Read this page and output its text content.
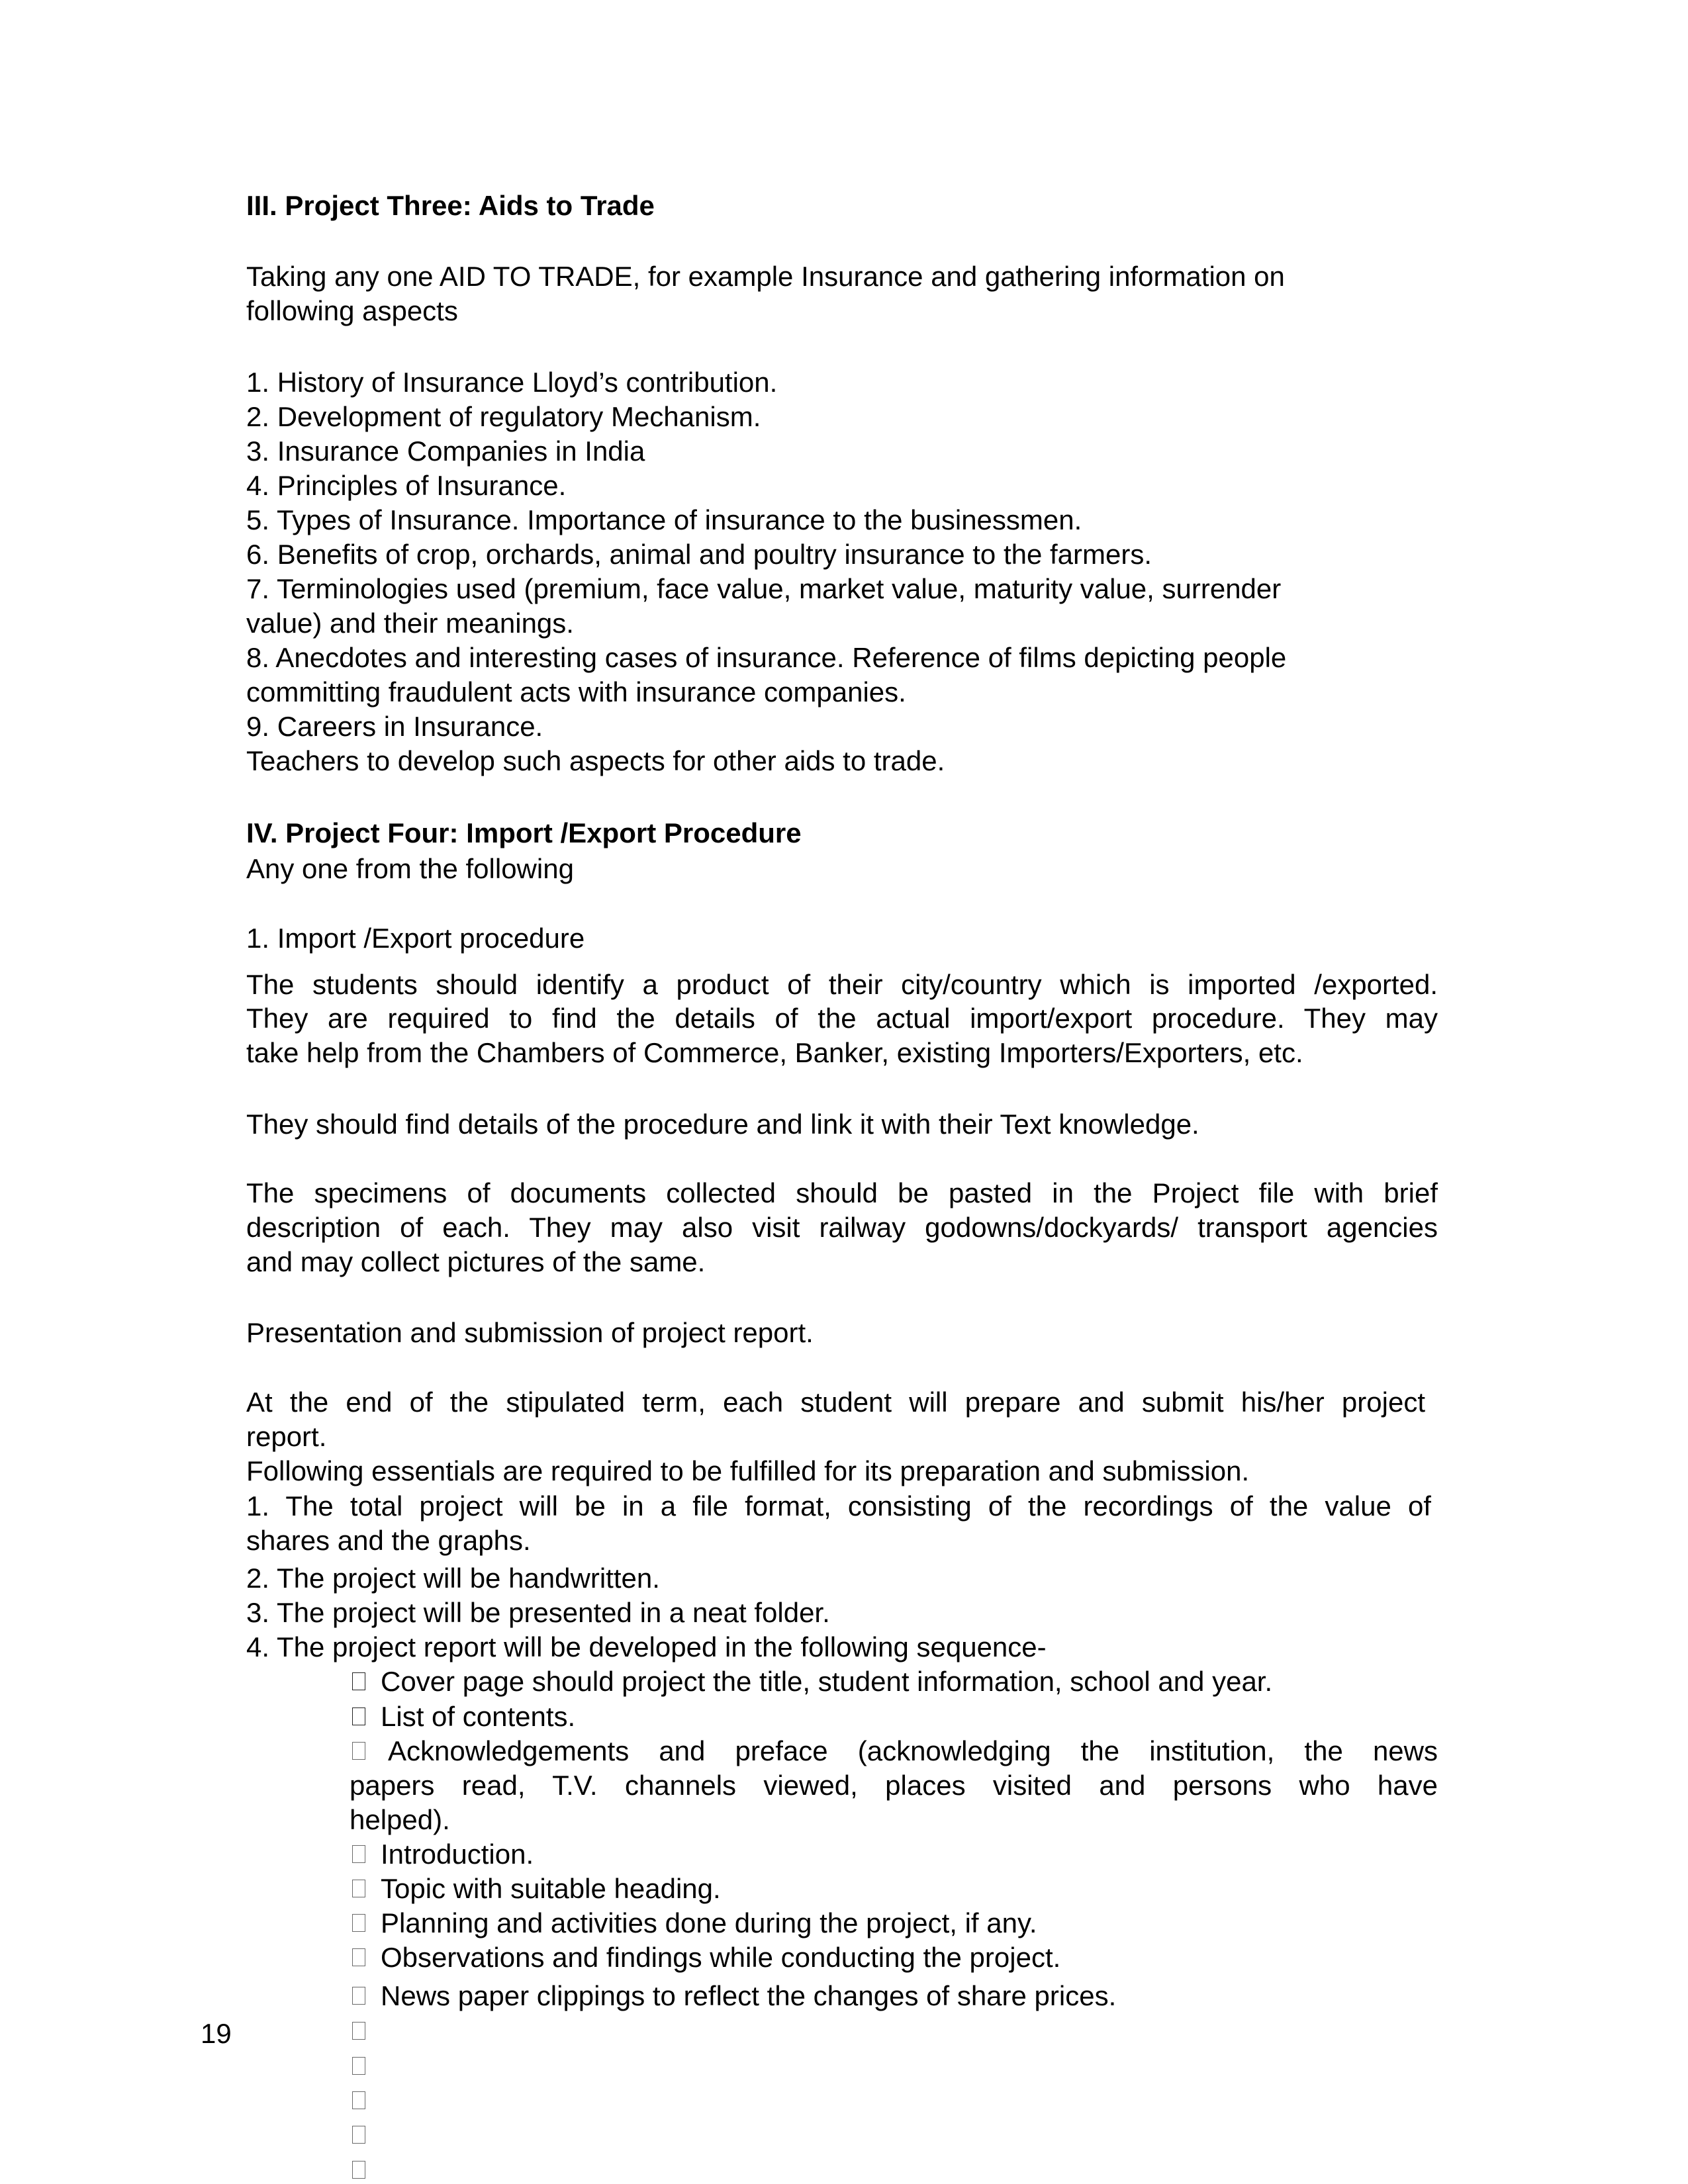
III. Project Three: Aids to Trade
Taking any one AID TO TRADE, for example Insurance and gathering information on
following aspects
1. History of Insurance Lloyd’s contribution.
2. Development of regulatory Mechanism.
3. Insurance Companies in India
4. Principles of Insurance.
5. Types of Insurance. Importance of insurance to the businessmen.
6. Benefits of crop, orchards, animal and poultry insurance to the farmers.
7. Terminologies used (premium, face value, market value, maturity value, surrender
value) and their meanings.
8. Anecdotes and interesting cases of insurance. Reference of films depicting people
committing fraudulent acts with insurance companies.
9. Careers in Insurance.
Teachers to develop such aspects for other aids to trade.
IV. Project Four: Import /Export Procedure
Any one from the following
1. Import /Export procedure
The students should identify a product of their city/country which is imported /exported.
They are required to find the details of the actual import/export procedure. They may
take help from the Chambers of Commerce, Banker, existing Importers/Exporters, etc.
They should find details of the procedure and link it with their Text knowledge.
The specimens of documents collected should be pasted in the Project file with brief
description of each. They may also visit railway godowns/dockyards/ transport agencies
and may collect pictures of the same.
Presentation and submission of project report.
At the end of the stipulated term, each student will prepare and submit his/her project
report.
Following essentials are required to be fulfilled for its preparation and submission.
1. The total project will be in a file format, consisting of the recordings of the value of
shares and the graphs.
2. The project will be handwritten.
3. The project will be presented in a neat folder.
4. The project report will be developed in the following sequence-
Cover page should project the title, student information, school and year.
List of contents.
Acknowledgements and preface (acknowledging the institution, the news
papers read, T.V. channels viewed, places visited and persons who have
helped).
Introduction.
Topic with suitable heading.
Planning and activities done during the project, if any.
Observations and findings while conducting the project.
News paper clippings to reflect the changes of share prices.
19
